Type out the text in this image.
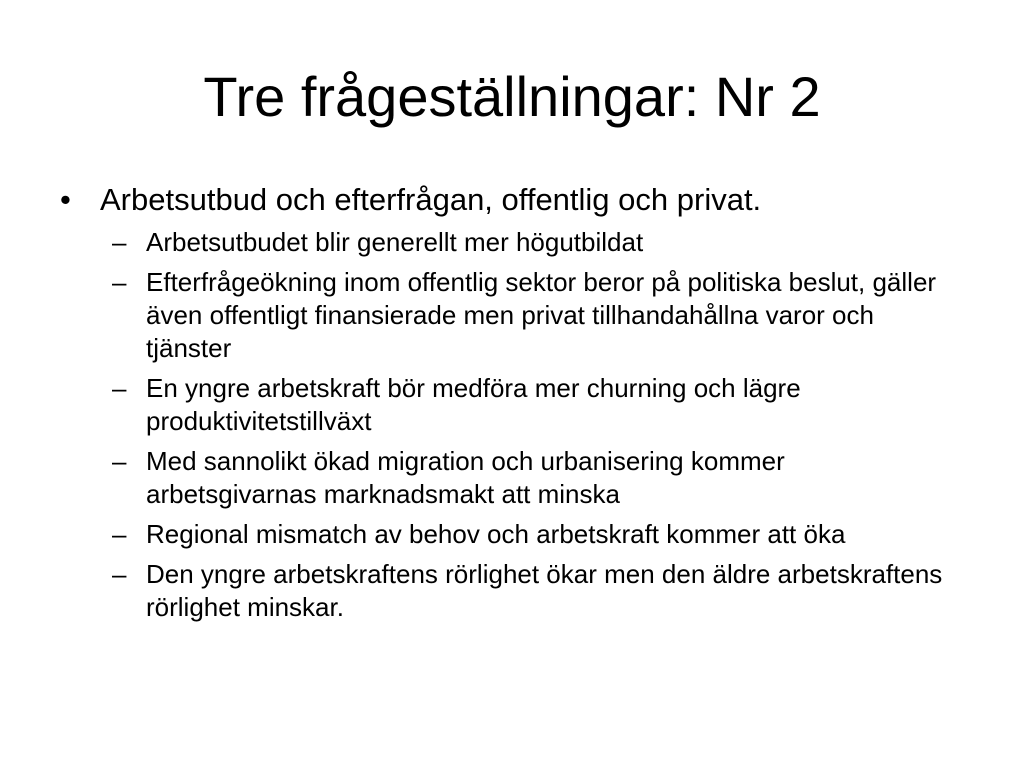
Tre frågeställningar: Nr 2
• Arbetsutbud och efterfrågan, offentlig och privat.
– Arbetsutbudet blir generellt mer högutbildat
– Efterfrågeökning inom offentlig sektor beror på politiska beslut, gäller även offentligt finansierade men privat tillhandahållna varor och tjänster
– En yngre arbetskraft bör medföra mer churning och lägre produktivitetstillväxt
– Med sannolikt ökad migration och urbanisering kommer arbetsgivarnas marknadsmakt att minska
– Regional mismatch av behov och arbetskraft kommer att öka
– Den yngre arbetskraftens rörlighet ökar men den äldre arbetskraftens rörlighet minskar.
